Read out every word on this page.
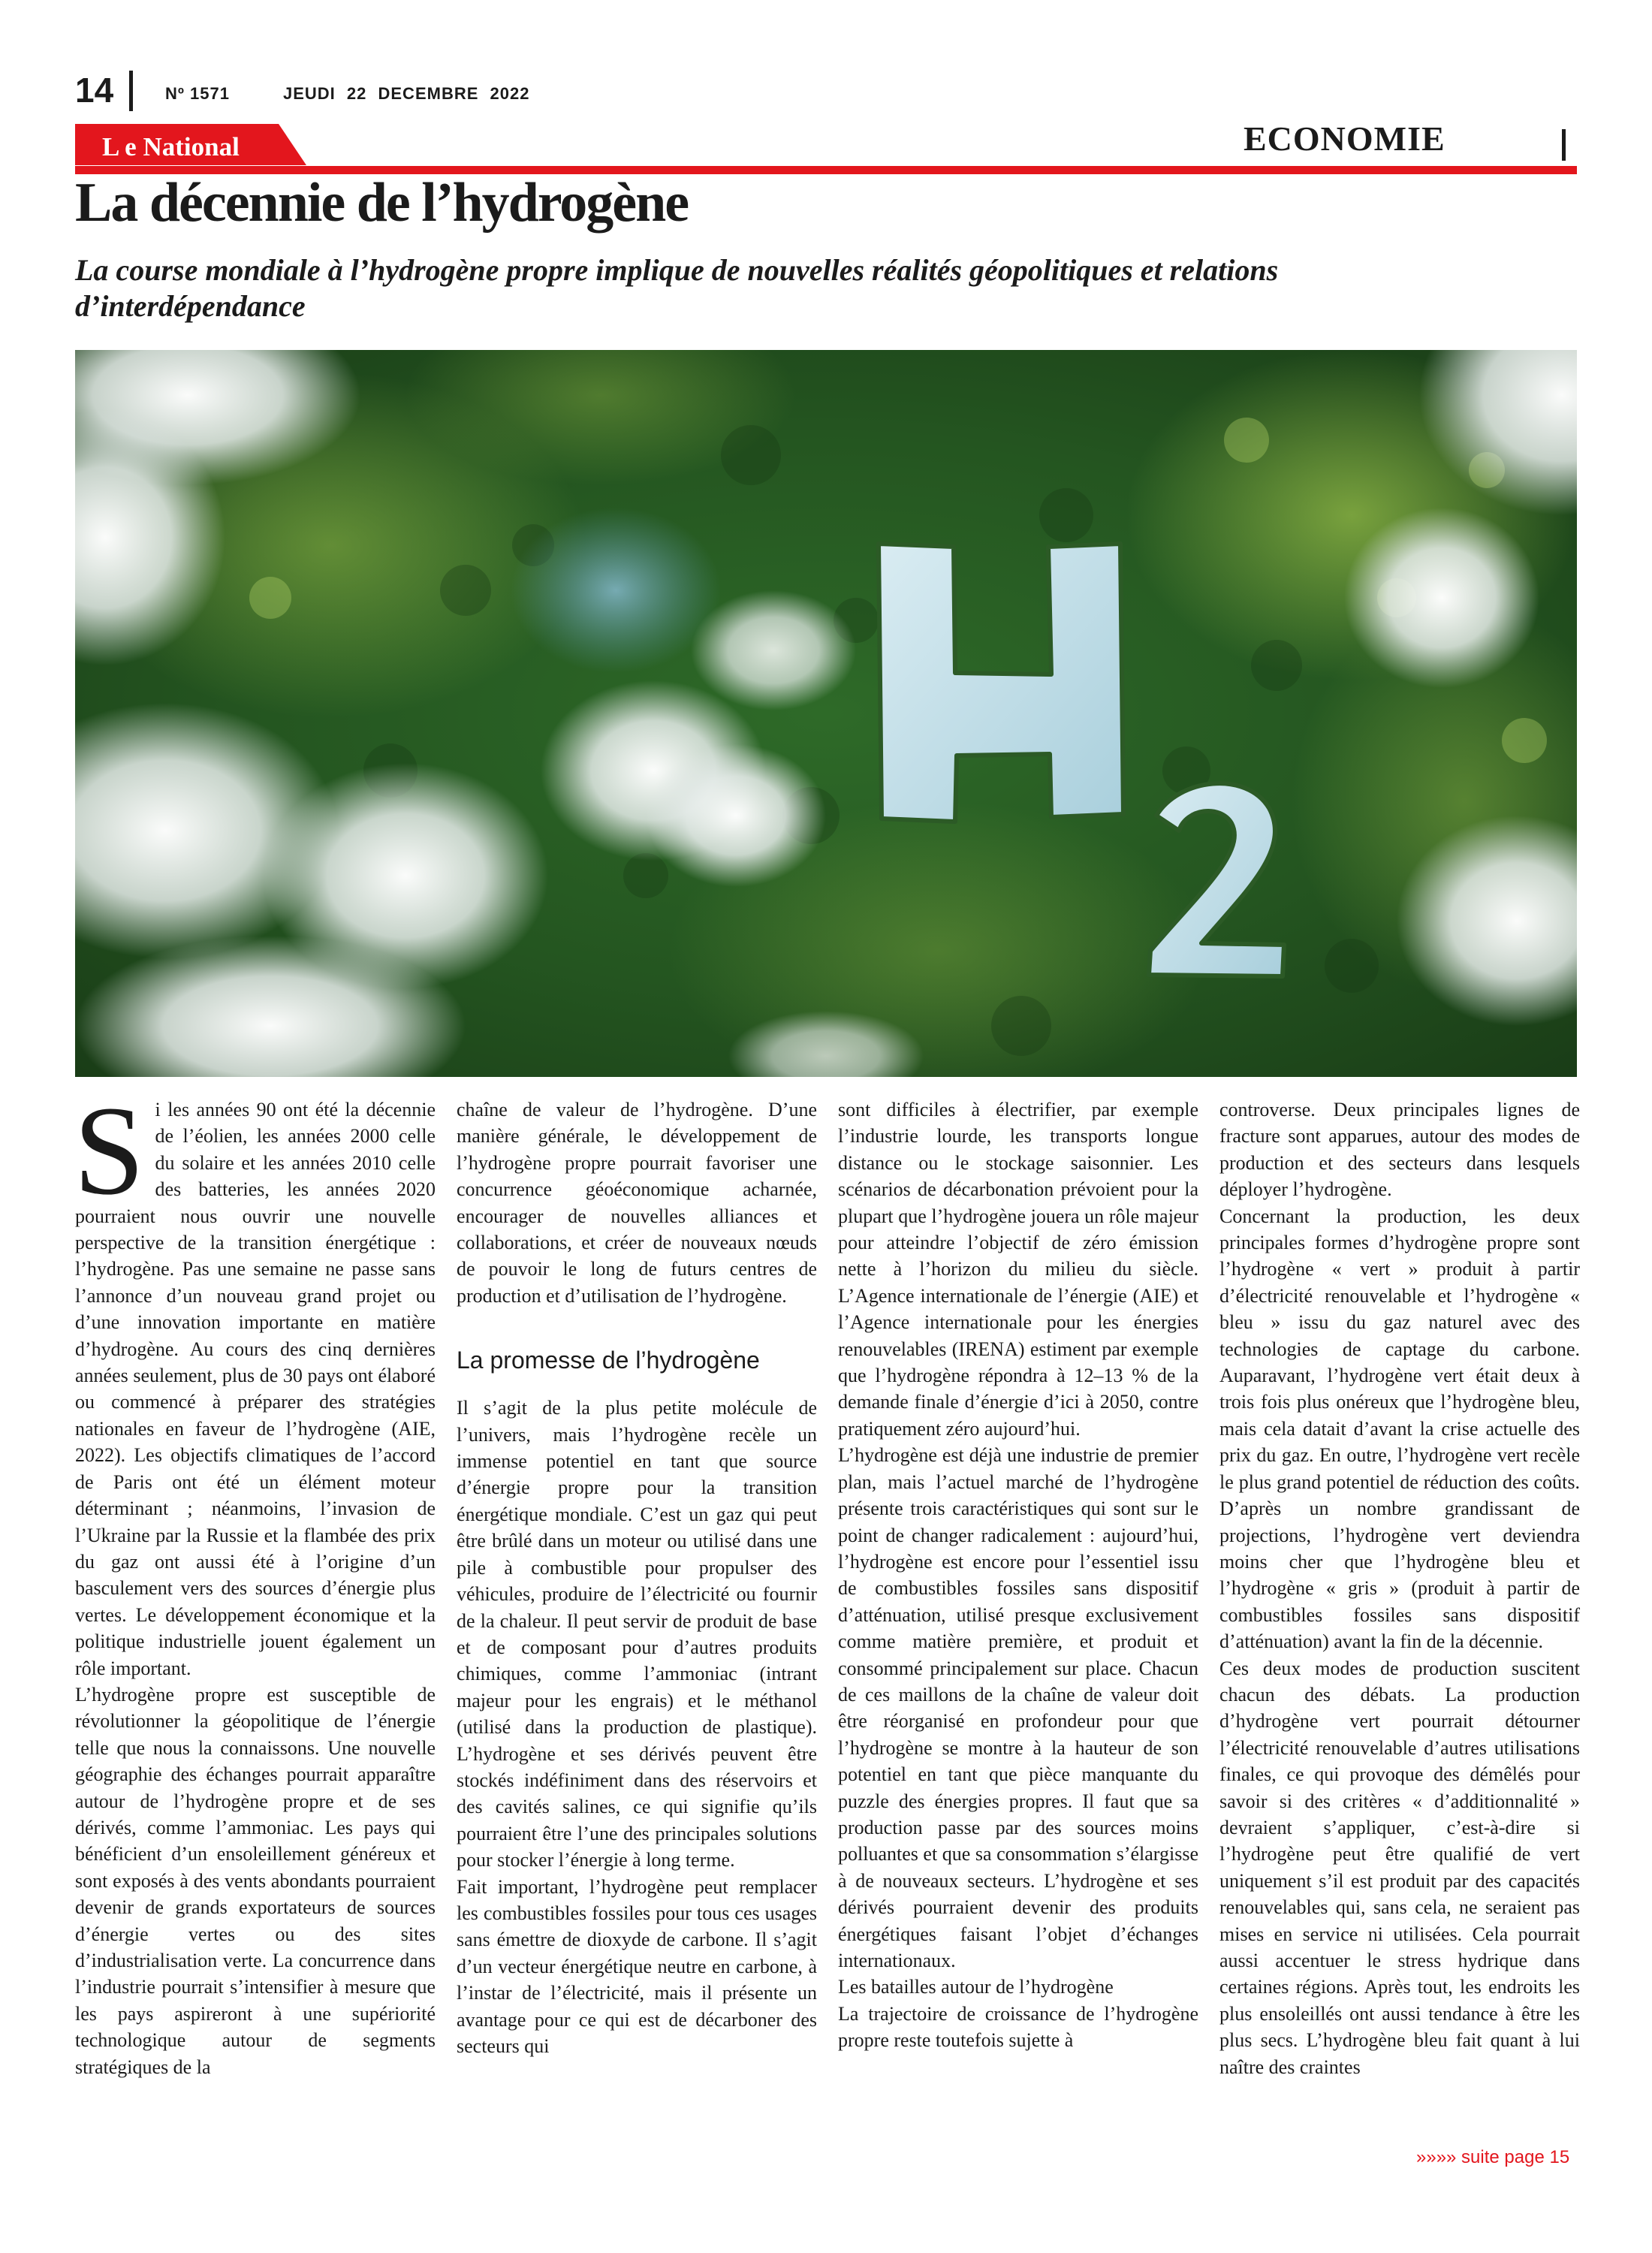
14	Nº 1571	JEUDI 22 DECEMBRE 2022
L e National	ECONOMIE
La décennie de l’hydrogène
La course mondiale à l’hydrogène propre implique de nouvelles réalités géopolitiques et relations d’interdépendance
S i les années 90 ont été la décennie de l’éolien, les années 2000 celle du solaire et les années 2010 celle des batteries, les années 2020 pourraient nous ouvrir une nouvelle perspective de la transition énergétique : l’hydrogène. Pas une semaine ne passe sans l’annonce d’un nouveau grand projet ou d’une innovation importante en matière d’hydrogène. Au cours des cinq dernières années seulement, plus de 30 pays ont élaboré ou commencé à préparer des stratégies nationales en faveur de l’hydrogène (AIE, 2022). Les objectifs climatiques de l’accord de Paris ont été un élément moteur déterminant ; néanmoins, l’invasion de l’Ukraine par la Russie et la flambée des prix du gaz ont aussi été à l’origine d’un basculement vers des sources d’énergie plus vertes. Le développement économique et la politique industrielle jouent également un rôle important.

L’hydrogène propre est susceptible de révolutionner la géopolitique de l’énergie telle que nous la connaissons. Une nouvelle géographie des échanges pourrait apparaître autour de l’hydrogène propre et de ses dérivés, comme l’ammoniac. Les pays qui bénéficient d’un ensoleillement généreux et sont exposés à des vents abondants pourraient devenir de grands exportateurs de sources d’énergie vertes ou des sites d’industrialisation verte. La concurrence dans l’industrie pourrait s’intensifier à mesure que les pays aspireront à une supériorité technologique autour de segments stratégiques de la

chaîne de valeur de l’hydrogène. D’une manière générale, le développement de l’hydrogène propre pourrait favoriser une concurrence géoéconomique acharnée, encourager de nouvelles alliances et collaborations, et créer de nouveaux nœuds de pouvoir le long de futurs centres de production et d’utilisation de l’hydrogène.

La promesse de l’hydrogène

Il s’agit de la plus petite molécule de l’univers, mais l’hydrogène recèle un immense potentiel en tant que source d’énergie propre pour la transition énergétique mondiale. C’est un gaz qui peut être brûlé dans un moteur ou utilisé dans une pile à combustible pour propulser des véhicules, produire de l’électricité ou fournir de la chaleur. Il peut servir de produit de base et de composant pour d’autres produits chimiques, comme l’ammoniac (intrant majeur pour les engrais) et le méthanol (utilisé dans la production de plastique). L’hydrogène et ses dérivés peuvent être stockés indéfiniment dans des réservoirs et des cavités salines, ce qui signifie qu’ils pourraient être l’une des principales solutions pour stocker l’énergie à long terme.

Fait important, l’hydrogène peut remplacer les combustibles fossiles pour tous ces usages sans émettre de dioxyde de carbone. Il s’agit d’un vecteur énergétique neutre en carbone, à l’instar de l’électricité, mais il présente un avantage pour ce qui est de décarboner des secteurs qui

sont difficiles à électrifier, par exemple l’industrie lourde, les transports longue distance ou le stockage saisonnier. Les scénarios de décarbonation prévoient pour la plupart que l’hydrogène jouera un rôle majeur pour atteindre l’objectif de zéro émission nette à l’horizon du milieu du siècle. L’Agence internationale de l’énergie (AIE) et l’Agence internationale pour les énergies renouvelables (IRENA) estiment par exemple que l’hydrogène répondra à 12–13 % de la demande finale d’énergie d’ici à 2050, contre pratiquement zéro aujourd’hui.

L’hydrogène est déjà une industrie de premier plan, mais l’actuel marché de l’hydrogène présente trois caractéristiques qui sont sur le point de changer radicalement : aujourd’hui, l’hydrogène est encore pour l’essentiel issu de combustibles fossiles sans dispositif d’atténuation, utilisé presque exclusivement comme matière première, et produit et consommé principalement sur place. Chacun de ces maillons de la chaîne de valeur doit être réorganisé en profondeur pour que l’hydrogène se montre à la hauteur de son potentiel en tant que pièce manquante du puzzle des énergies propres. Il faut que sa production passe par des sources moins polluantes et que sa consommation s’élargisse à de nouveaux secteurs. L’hydrogène et ses dérivés pourraient devenir des produits énergétiques faisant l’objet d’échanges internationaux.

Les batailles autour de l’hydrogène

La trajectoire de croissance de l’hydrogène propre reste toutefois sujette à

controverse. Deux principales lignes de fracture sont apparues, autour des modes de production et des secteurs dans lesquels déployer l’hydrogène.

Concernant la production, les deux principales formes d’hydrogène propre sont l’hydrogène « vert » produit à partir d’électricité renouvelable et l’hydrogène « bleu » issu du gaz naturel avec des technologies de captage du carbone. Auparavant, l’hydrogène vert était deux à trois fois plus onéreux que l’hydrogène bleu, mais cela datait d’avant la crise actuelle des prix du gaz. En outre, l’hydrogène vert recèle le plus grand potentiel de réduction des coûts. D’après un nombre grandissant de projections, l’hydrogène vert deviendra moins cher que l’hydrogène bleu et l’hydrogène « gris » (produit à partir de combustibles fossiles sans dispositif d’atténuation) avant la fin de la décennie.

Ces deux modes de production suscitent chacun des débats. La production d’hydrogène vert pourrait détourner l’électricité renouvelable d’autres utilisations finales, ce qui provoque des démêlés pour savoir si des critères « d’additionnalité » devraient s’appliquer, c’est-à-dire si l’hydrogène peut être qualifié de vert uniquement s’il est produit par des capacités renouvelables qui, sans cela, ne seraient pas mises en service ni utilisées. Cela pourrait aussi accentuer le stress hydrique dans certaines régions. Après tout, les endroits les plus ensoleillés ont aussi tendance à être les plus secs. L’hydrogène bleu fait quant à lui naître des craintes

»»»» suite page 15
